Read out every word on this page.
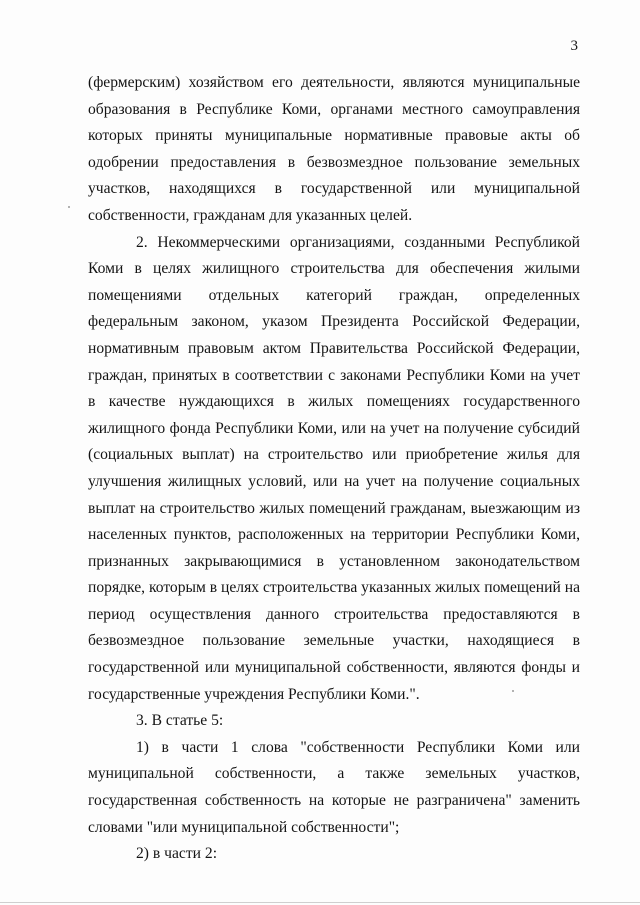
3

(фермерским) хозяйством его деятельности, являются муниципальные образования в Республике Коми, органами местного самоуправления которых приняты муниципальные нормативные правовые акты об одобрении предоставления в безвозмездное пользование земельных участков, находящихся в государственной или муниципальной собственности, гражданам для указанных целей.

2. Некоммерческими организациями, созданными Республикой Коми в целях жилищного строительства для обеспечения жилыми помещениями отдельных категорий граждан, определенных федеральным законом, указом Президента Российской Федерации, нормативным правовым актом Правительства Российской Федерации, граждан, принятых в соответствии с законами Республики Коми на учет в качестве нуждающихся в жилых помещениях государственного жилищного фонда Республики Коми, или на учет на получение субсидий (социальных выплат) на строительство или приобретение жилья для улучшения жилищных условий, или на учет на получение социальных выплат на строительство жилых помещений гражданам, выезжающим из населенных пунктов, расположенных на территории Республики Коми, признанных закрывающимися в установленном законодательством порядке, которым в целях строительства указанных жилых помещений на период осуществления данного строительства предоставляются в безвозмездное пользование земельные участки, находящиеся в государственной или муниципальной собственности, являются фонды и государственные учреждения Республики Коми.".

3. В статье 5:

1) в части 1 слова "собственности Республики Коми или муниципальной собственности, а также земельных участков, государственная собственность на которые не разграничена" заменить словами "или муниципальной собственности";

2) в части 2:
